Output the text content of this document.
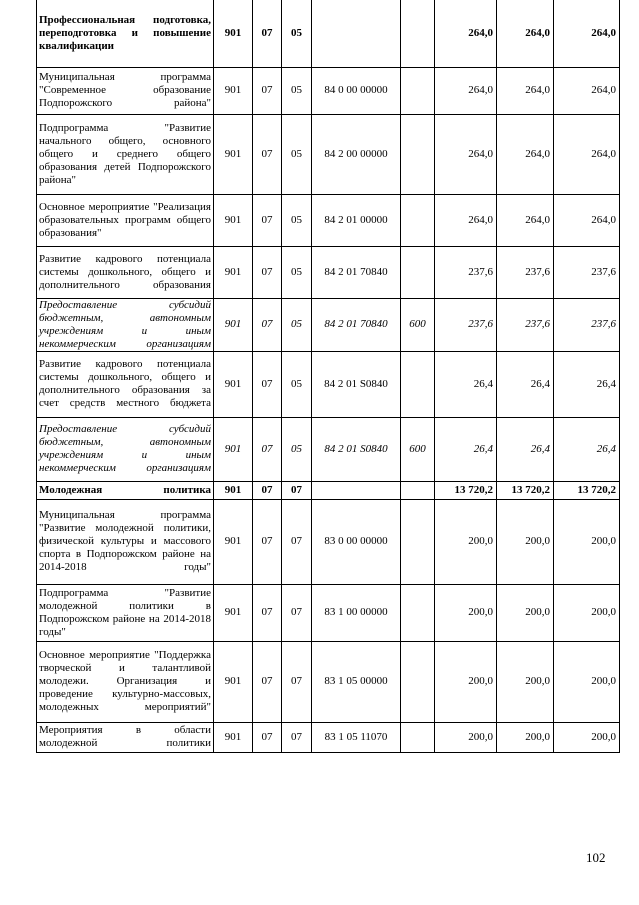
Профессиональная подготовка, переподготовка и повышение квалификации	901	07	05			264,0	264,0	264,0
Муниципальная программа "Современное образование Подпорожского района"	901	07	05	84 0 00 00000		264,0	264,0	264,0
Подпрограмма "Развитие начального общего, основного общего и среднего общего образования детей Подпорожского района"	901	07	05	84 2 00 00000		264,0	264,0	264,0
Основное мероприятие "Реализация образовательных программ общего образования"	901	07	05	84 2 01 00000		264,0	264,0	264,0
Развитие кадрового потенциала системы дошкольного, общего и дополнительного образования	901	07	05	84 2 01 70840		237,6	237,6	237,6
Предоставление субсидий бюджетным, автономным учреждениям и иным некоммерческим организациям	901	07	05	84 2 01 70840	600	237,6	237,6	237,6
Развитие кадрового потенциала системы дошкольного, общего и дополнительного образования за счет средств местного бюджета	901	07	05	84 2 01 S0840		26,4	26,4	26,4
Предоставление субсидий бюджетным, автономным учреждениям и иным некоммерческим организациям	901	07	05	84 2 01 S0840	600	26,4	26,4	26,4
Молодежная политика	901	07	07			13 720,2	13 720,2	13 720,2
Муниципальная программа "Развитие молодежной политики, физической культуры и массового спорта в Подпорожском районе на 2014-2018 годы"	901	07	07	83 0 00 00000		200,0	200,0	200,0
Подпрограмма "Развитие молодежной политики в Подпорожском районе на 2014-2018 годы"	901	07	07	83 1 00 00000		200,0	200,0	200,0
Основное мероприятие "Поддержка творческой и талантливой молодежи. Организация и проведение культурно-массовых, молодежных мероприятий"	901	07	07	83 1 05 00000		200,0	200,0	200,0
Мероприятия в области молодежной политики	901	07	07	83 1 05 11070		200,0	200,0	200,0
102
